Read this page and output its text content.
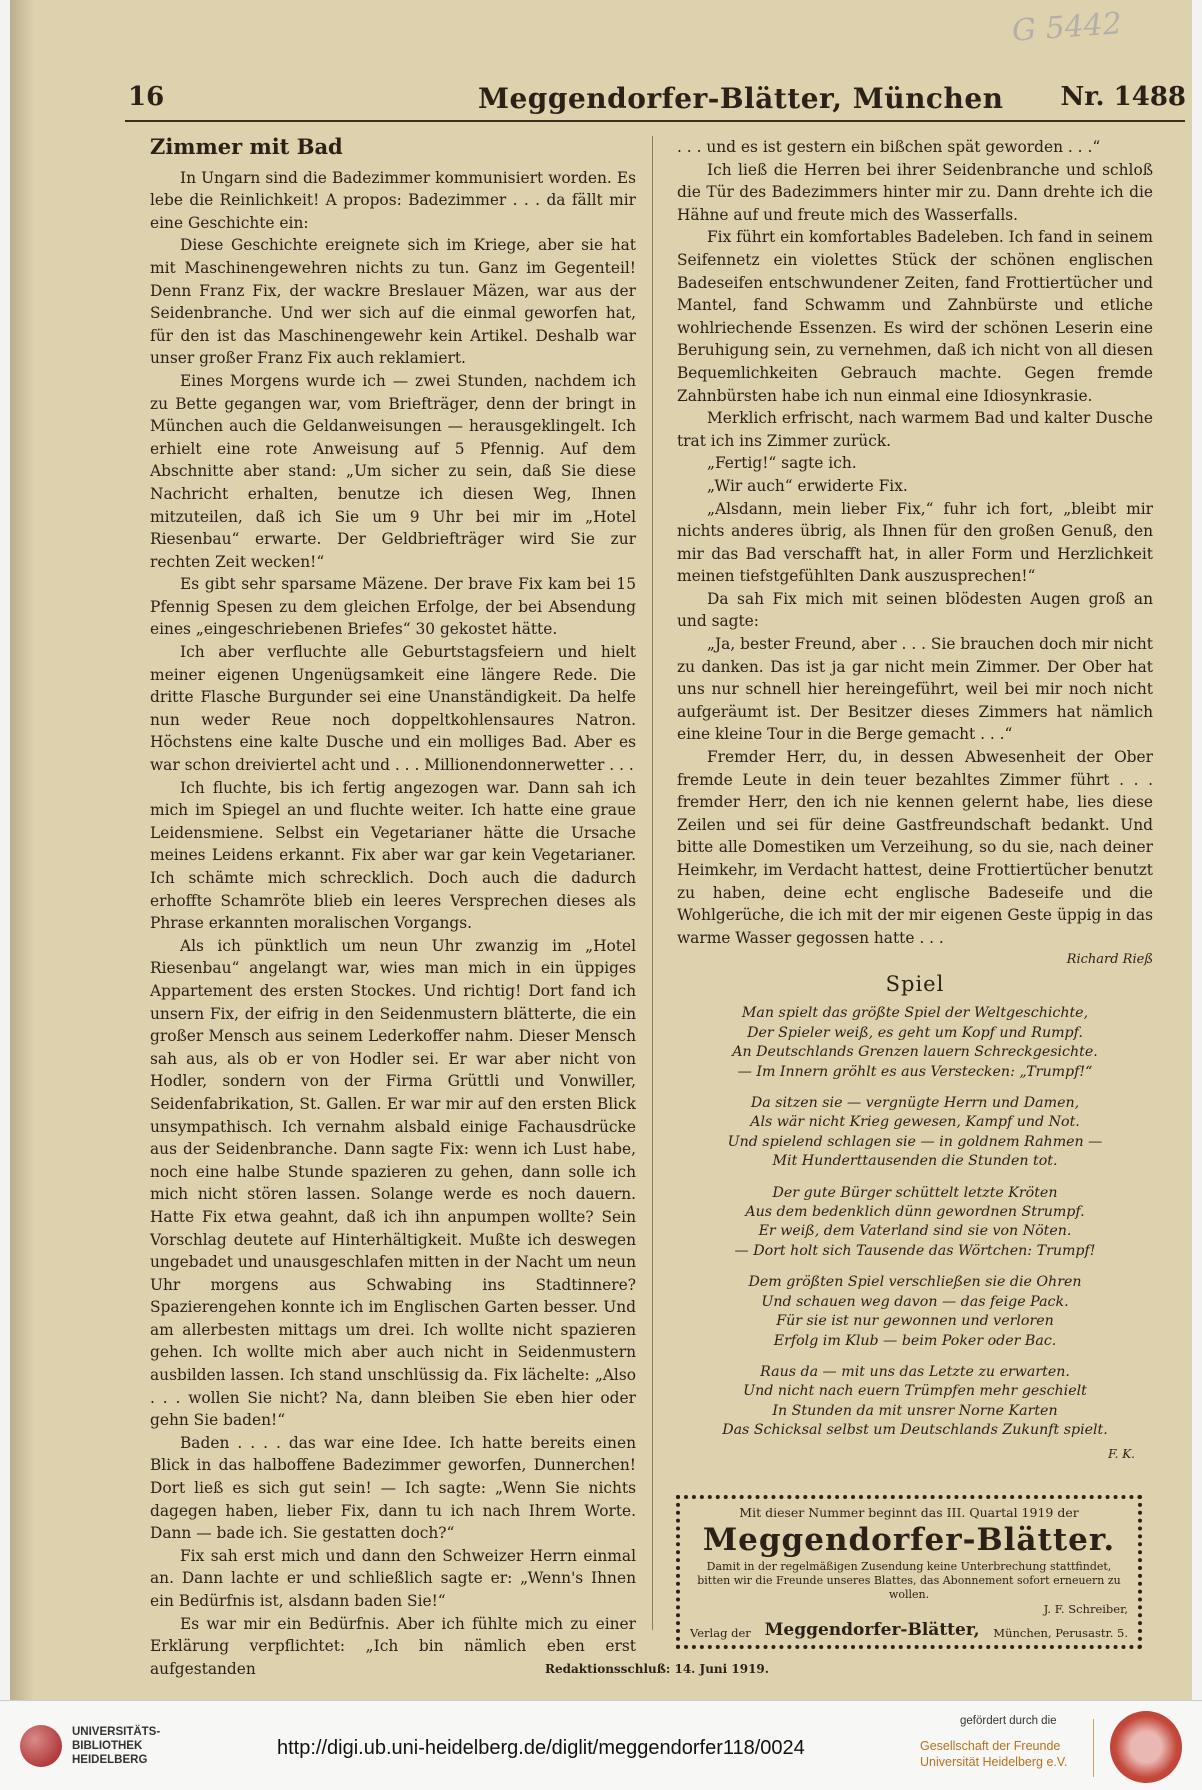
G 5442
16	Meggendorfer-Blätter, München Nr. 1488
Zimmer mit Bad

In Ungarn sind die Badezimmer kommunisiert worden. Es lebe die Reinlichkeit! A propos: Badezimmer . . . da fällt mir eine Geschichte ein:

Diese Geschichte ereignete sich im Kriege, aber sie hat mit Maschinengewehren nichts zu tun. Ganz im Gegenteil! Denn Franz Fix, der wackre Breslauer Mäzen, war aus der Seidenbranche. Und wer sich auf die einmal geworfen hat, für den ist das Maschinengewehr kein Artikel. Deshalb war unser großer Franz Fix auch reklamiert.

Eines Morgens wurde ich — zwei Stunden, nachdem ich zu Bette gegangen war, vom Briefträger, denn der bringt in München auch die Geldanweisungen — herausgeklingelt. Ich erhielt eine rote Anweisung auf 5 Pfennig. Auf dem Abschnitte aber stand: „Um sicher zu sein, daß Sie diese Nachricht erhalten, benutze ich diesen Weg, Ihnen mitzuteilen, daß ich Sie um 9 Uhr bei mir im „Hotel Riesenbau“ erwarte. Der Geldbriefträger wird Sie zur rechten Zeit wecken!“

Es gibt sehr sparsame Mäzene. Der brave Fix kam bei 15 Pfennig Spesen zu dem gleichen Erfolge, der bei Absendung eines „eingeschriebenen Briefes“ 30 gekostet hätte.

Ich aber verfluchte alle Geburtstagsfeiern und hielt meiner eigenen Ungenügsamkeit eine längere Rede. Die dritte Flasche Burgunder sei eine Unanständigkeit. Da helfe nun weder Reue noch doppeltkohlensaures Natron. Höchstens eine kalte Dusche und ein molliges Bad. Aber es war schon dreiviertel acht und . . . Millionendonnerwetter . . .

Ich fluchte, bis ich fertig angezogen war. Dann sah ich mich im Spiegel an und fluchte weiter. Ich hatte eine graue Leidensmiene. Selbst ein Vegetarianer hätte die Ursache meines Leidens erkannt. Fix aber war gar kein Vegetarianer. Ich schämte mich schrecklich. Doch auch die dadurch erhoffte Schamröte blieb ein leeres Versprechen dieses als Phrase erkannten moralischen Vorgangs.

Als ich pünktlich um neun Uhr zwanzig im „Hotel Riesenbau“ angelangt war, wies man mich in ein üppiges Appartement des ersten Stockes. Und richtig! Dort fand ich unsern Fix, der eifrig in den Seidenmustern blätterte, die ein großer Mensch aus seinem Lederkoffer nahm. Dieser Mensch sah aus, als ob er von Hodler sei. Er war aber nicht von Hodler, sondern von der Firma Grüttli und Vonwiller, Seidenfabrikation, St. Gallen. Er war mir auf den ersten Blick unsympathisch. Ich vernahm alsbald einige Fachausdrücke aus der Seidenbranche. Dann sagte Fix: wenn ich Lust habe, noch eine halbe Stunde spazieren zu gehen, dann solle ich mich nicht stören lassen. Solange werde es noch dauern. Hatte Fix etwa geahnt, daß ich ihn anpumpen wollte? Sein Vorschlag deutete auf Hinterhältigkeit. Mußte ich deswegen ungebadet und unausgeschlafen mitten in der Nacht um neun Uhr morgens aus Schwabing ins Stadtinnere? Spazierengehen konnte ich im Englischen Garten besser. Und am allerbesten mittags um drei. Ich wollte nicht spazieren gehen. Ich wollte mich aber auch nicht in Seidenmustern ausbilden lassen. Ich stand unschlüssig da. Fix lächelte: „Also . . . wollen Sie nicht? Na, dann bleiben Sie eben hier oder gehn Sie baden!“

Baden . . . . das war eine Idee. Ich hatte bereits einen Blick in das halboffene Badezimmer geworfen, Dunnerchen! Dort ließ es sich gut sein! — Ich sagte: „Wenn Sie nichts dagegen haben, lieber Fix, dann tu ich nach Ihrem Worte. Dann — bade ich. Sie gestatten doch?“

Fix sah erst mich und dann den Schweizer Herrn einmal an. Dann lachte er und schließlich sagte er: „Wenn's Ihnen ein Bedürfnis ist, alsdann baden Sie!“

Es war mir ein Bedürfnis. Aber ich fühlte mich zu einer Erklärung verpflichtet: „Ich bin nämlich eben erst aufgestanden

. . . und es ist gestern ein bißchen spät geworden . . .“

Ich ließ die Herren bei ihrer Seidenbranche und schloß die Tür des Badezimmers hinter mir zu. Dann drehte ich die Hähne auf und freute mich des Wasserfalls.

Fix führt ein komfortables Badeleben. Ich fand in seinem Seifennetz ein violettes Stück der schönen englischen Badeseifen entschwundener Zeiten, fand Frottiertücher und Mantel, fand Schwamm und Zahnbürste und etliche wohlriechende Essenzen. Es wird der schönen Leserin eine Beruhigung sein, zu vernehmen, daß ich nicht von all diesen Bequemlichkeiten Gebrauch machte. Gegen fremde Zahnbürsten habe ich nun einmal eine Idiosynkrasie.

Merklich erfrischt, nach warmem Bad und kalter Dusche trat ich ins Zimmer zurück.

„Fertig!“ sagte ich.

„Wir auch“ erwiderte Fix.

„Alsdann, mein lieber Fix,“ fuhr ich fort, „bleibt mir nichts anderes übrig, als Ihnen für den großen Genuß, den mir das Bad verschafft hat, in aller Form und Herzlichkeit meinen tiefstgefühlten Dank auszusprechen!“

Da sah Fix mich mit seinen blödesten Augen groß an und sagte:

„Ja, bester Freund, aber . . . Sie brauchen doch mir nicht zu danken. Das ist ja gar nicht mein Zimmer. Der Ober hat uns nur schnell hier hereingeführt, weil bei mir noch nicht aufgeräumt ist. Der Besitzer dieses Zimmers hat nämlich eine kleine Tour in die Berge gemacht . . .“

Fremder Herr, du, in dessen Abwesenheit der Ober fremde Leute in dein teuer bezahltes Zimmer führt . . . fremder Herr, den ich nie kennen gelernt habe, lies diese Zeilen und sei für deine Gastfreundschaft bedankt. Und bitte alle Domestiken um Verzeihung, so du sie, nach deiner Heimkehr, im Verdacht hattest, deine Frottiertücher benutzt zu haben, deine echt englische Badeseife und die Wohlgerüche, die ich mit der mir eigenen Geste üppig in das warme Wasser gegossen hatte . . .

Richard Rieß
Spiel
Man spielt das größte Spiel der Weltgeschichte,
Der Spieler weiß, es geht um Kopf und Rumpf.
An Deutschlands Grenzen lauern Schreckgesichte.
— Im Innern gröhlt es aus Verstecken: „Trumpf!“
Da sitzen sie — vergnügte Herrn und Damen,
Als wär nicht Krieg gewesen, Kampf und Not.
Und spielend schlagen sie — in goldnem Rahmen —
Mit Hunderttausenden die Stunden tot.
Der gute Bürger schüttelt letzte Kröten
Aus dem bedenklich dünn gewordnen Strumpf.
Er weiß, dem Vaterland sind sie von Nöten.
— Dort holt sich Tausende das Wörtchen: Trumpf!
Dem größten Spiel verschließen sie die Ohren
Und schauen weg davon — das feige Pack.
Für sie ist nur gewonnen und verloren
Erfolg im Klub — beim Poker oder Bac.
Raus da — mit uns das Letzte zu erwarten.
Und nicht nach euern Trümpfen mehr geschielt
In Stunden da mit unsrer Norne Karten
Das Schicksal selbst um Deutschlands Zukunft spielt.
F. K.
Mit dieser Nummer beginnt das III. Quartal 1919 der
Meggendorfer-Blätter.
Damit in der regelmäßigen Zusendung keine Unterbrechung stattfindet, bitten wir die Freunde unseres Blattes, das Abonnement sofort erneuern zu wollen.
J. F. Schreiber,
Verlag der Meggendorfer-Blätter, München, Perusastr. 5.
Redaktionsschluß: 14. Juni 1919.
UNIVERSITÄTS-
BIBLIOTHEK
HEIDELBERG
http://digi.ub.uni-heidelberg.de/diglit/meggendorfer118/0024
gefördert durch die
Gesellschaft der Freunde
Universität Heidelberg e.V.
